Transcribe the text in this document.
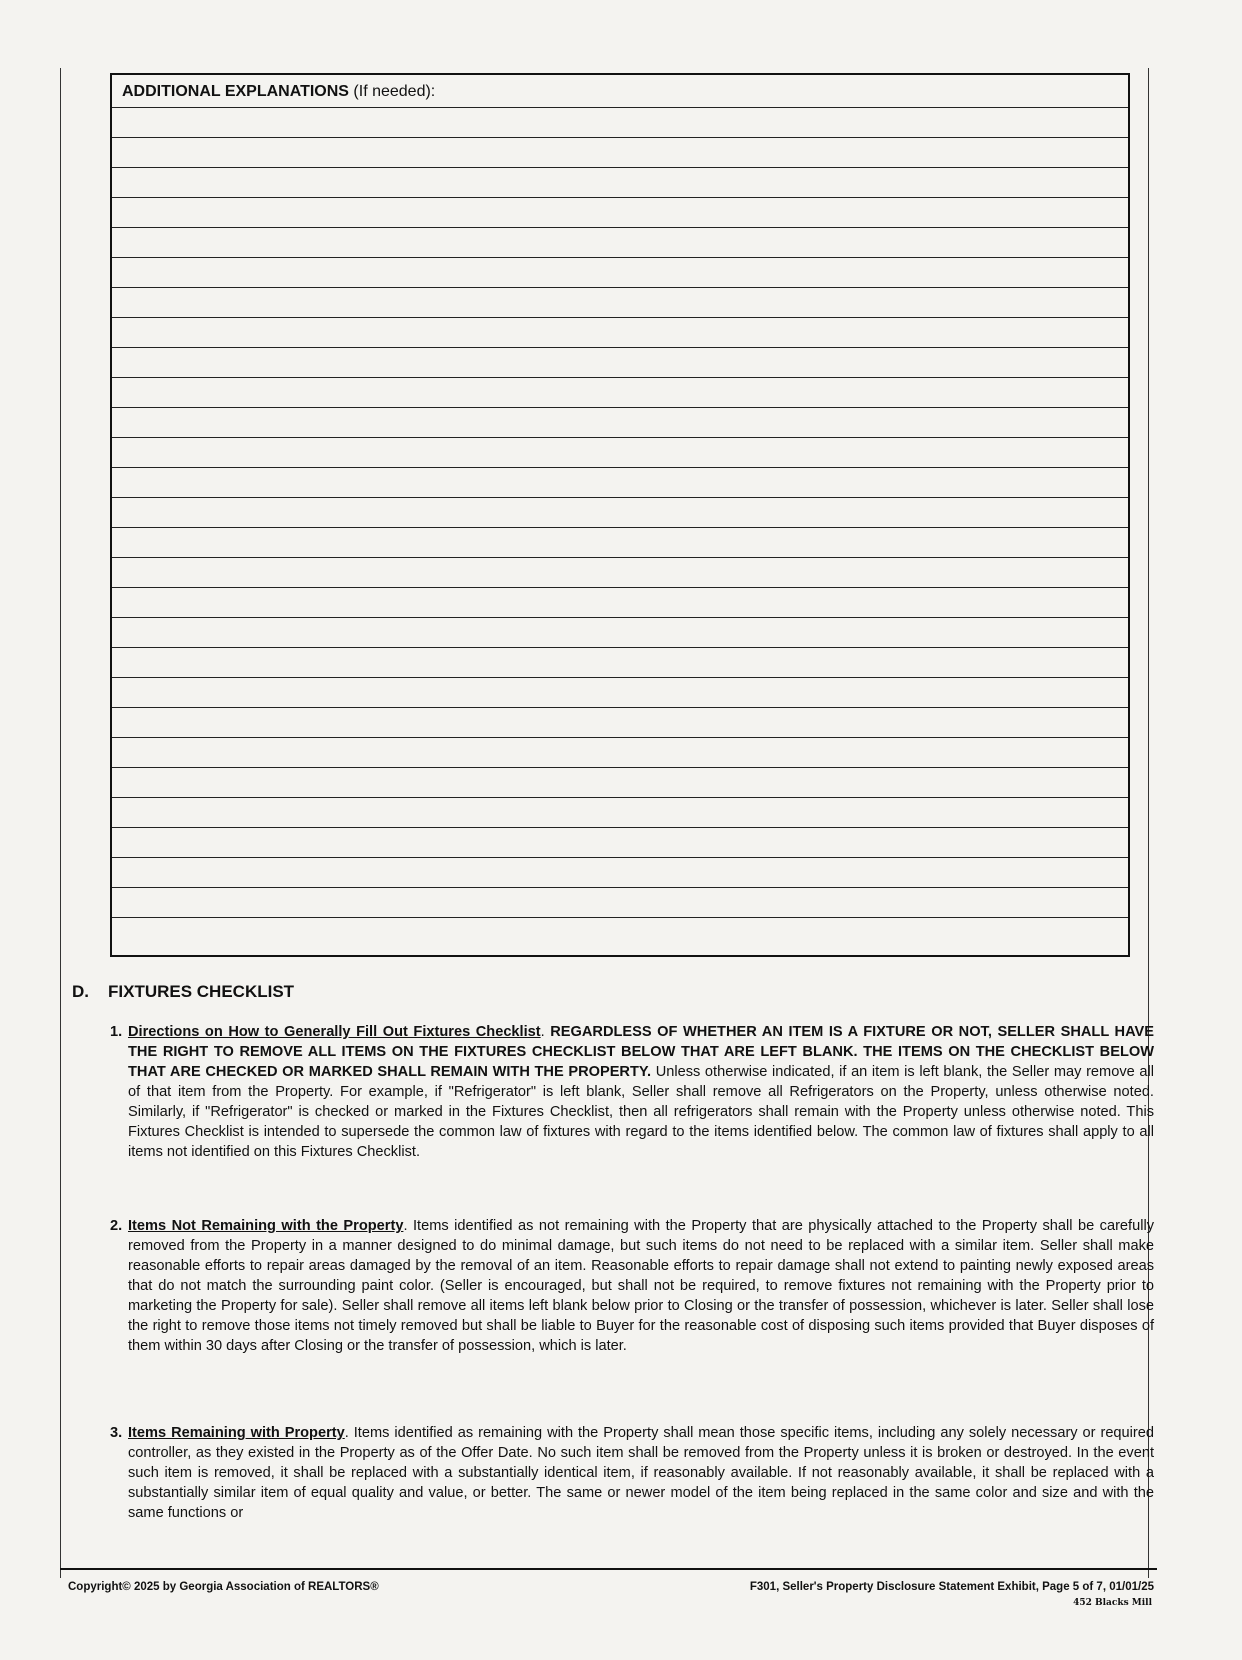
ADDITIONAL EXPLANATIONS (If needed):
D. FIXTURES CHECKLIST
1. Directions on How to Generally Fill Out Fixtures Checklist. REGARDLESS OF WHETHER AN ITEM IS A FIXTURE OR NOT, SELLER SHALL HAVE THE RIGHT TO REMOVE ALL ITEMS ON THE FIXTURES CHECKLIST BELOW THAT ARE LEFT BLANK. THE ITEMS ON THE CHECKLIST BELOW THAT ARE CHECKED OR MARKED SHALL REMAIN WITH THE PROPERTY. Unless otherwise indicated, if an item is left blank, the Seller may remove all of that item from the Property. For example, if "Refrigerator" is left blank, Seller shall remove all Refrigerators on the Property, unless otherwise noted. Similarly, if "Refrigerator" is checked or marked in the Fixtures Checklist, then all refrigerators shall remain with the Property unless otherwise noted. This Fixtures Checklist is intended to supersede the common law of fixtures with regard to the items identified below. The common law of fixtures shall apply to all items not identified on this Fixtures Checklist.
2. Items Not Remaining with the Property. Items identified as not remaining with the Property that are physically attached to the Property shall be carefully removed from the Property in a manner designed to do minimal damage, but such items do not need to be replaced with a similar item. Seller shall make reasonable efforts to repair areas damaged by the removal of an item. Reasonable efforts to repair damage shall not extend to painting newly exposed areas that do not match the surrounding paint color. (Seller is encouraged, but shall not be required, to remove fixtures not remaining with the Property prior to marketing the Property for sale). Seller shall remove all items left blank below prior to Closing or the transfer of possession, whichever is later. Seller shall lose the right to remove those items not timely removed but shall be liable to Buyer for the reasonable cost of disposing such items provided that Buyer disposes of them within 30 days after Closing or the transfer of possession, which is later.
3. Items Remaining with Property. Items identified as remaining with the Property shall mean those specific items, including any solely necessary or required controller, as they existed in the Property as of the Offer Date. No such item shall be removed from the Property unless it is broken or destroyed. In the event such item is removed, it shall be replaced with a substantially identical item, if reasonably available. If not reasonably available, it shall be replaced with a substantially similar item of equal quality and value, or better. The same or newer model of the item being replaced in the same color and size and with the same functions or
Copyright© 2025 by Georgia Association of REALTORS®	F301, Seller's Property Disclosure Statement Exhibit, Page 5 of 7, 01/01/25
452 Blacks Mill
